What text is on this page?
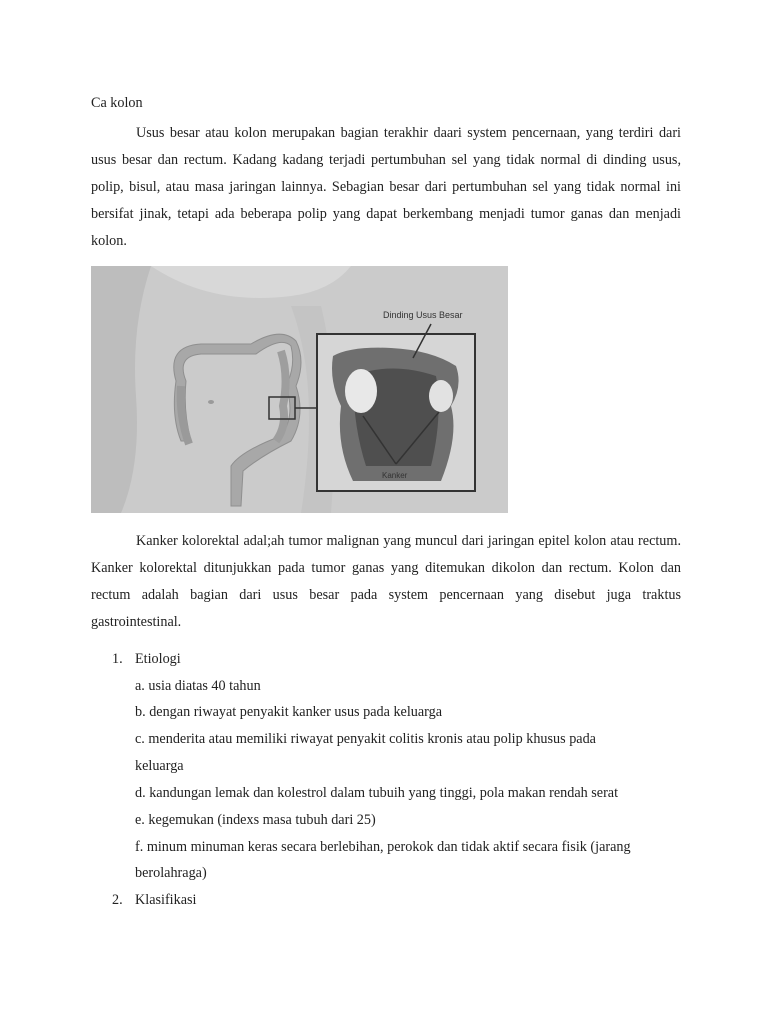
Ca kolon

Usus besar atau kolon merupakan bagian terakhir daari system pencernaan, yang terdiri dari usus besar dan rectum. Kadang kadang terjadi pertumbuhan sel yang tidak normal di dinding usus, polip, bisul, atau masa jaringan lainnya. Sebagian besar dari pertumbuhan sel yang tidak normal ini bersifat jinak, tetapi ada beberapa polip yang dapat berkembang menjadi tumor ganas dan menjadi kolon.

Dinding Usus Besar
Kanker

Kanker kolorektal adal;ah tumor malignan yang muncul dari jaringan epitel kolon atau rectum. Kanker kolorektal ditunjukkan pada tumor ganas yang ditemukan dikolon dan rectum. Kolon dan rectum adalah bagian dari usus besar pada system pencernaan yang disebut juga traktus gastrointestinal.

1. Etiologi
a. usia diatas 40 tahun
b. dengan riwayat penyakit kanker usus pada keluarga
c. menderita atau memiliki riwayat penyakit colitis kronis atau polip khusus pada
keluarga
d. kandungan lemak dan kolestrol dalam tubuih yang tinggi, pola makan rendah serat
e. kegemukan (indexs masa tubuh dari 25)
f. minum minuman keras secara berlebihan, perokok dan tidak aktif secara fisik (jarang
berolahraga)
2. Klasifikasi
